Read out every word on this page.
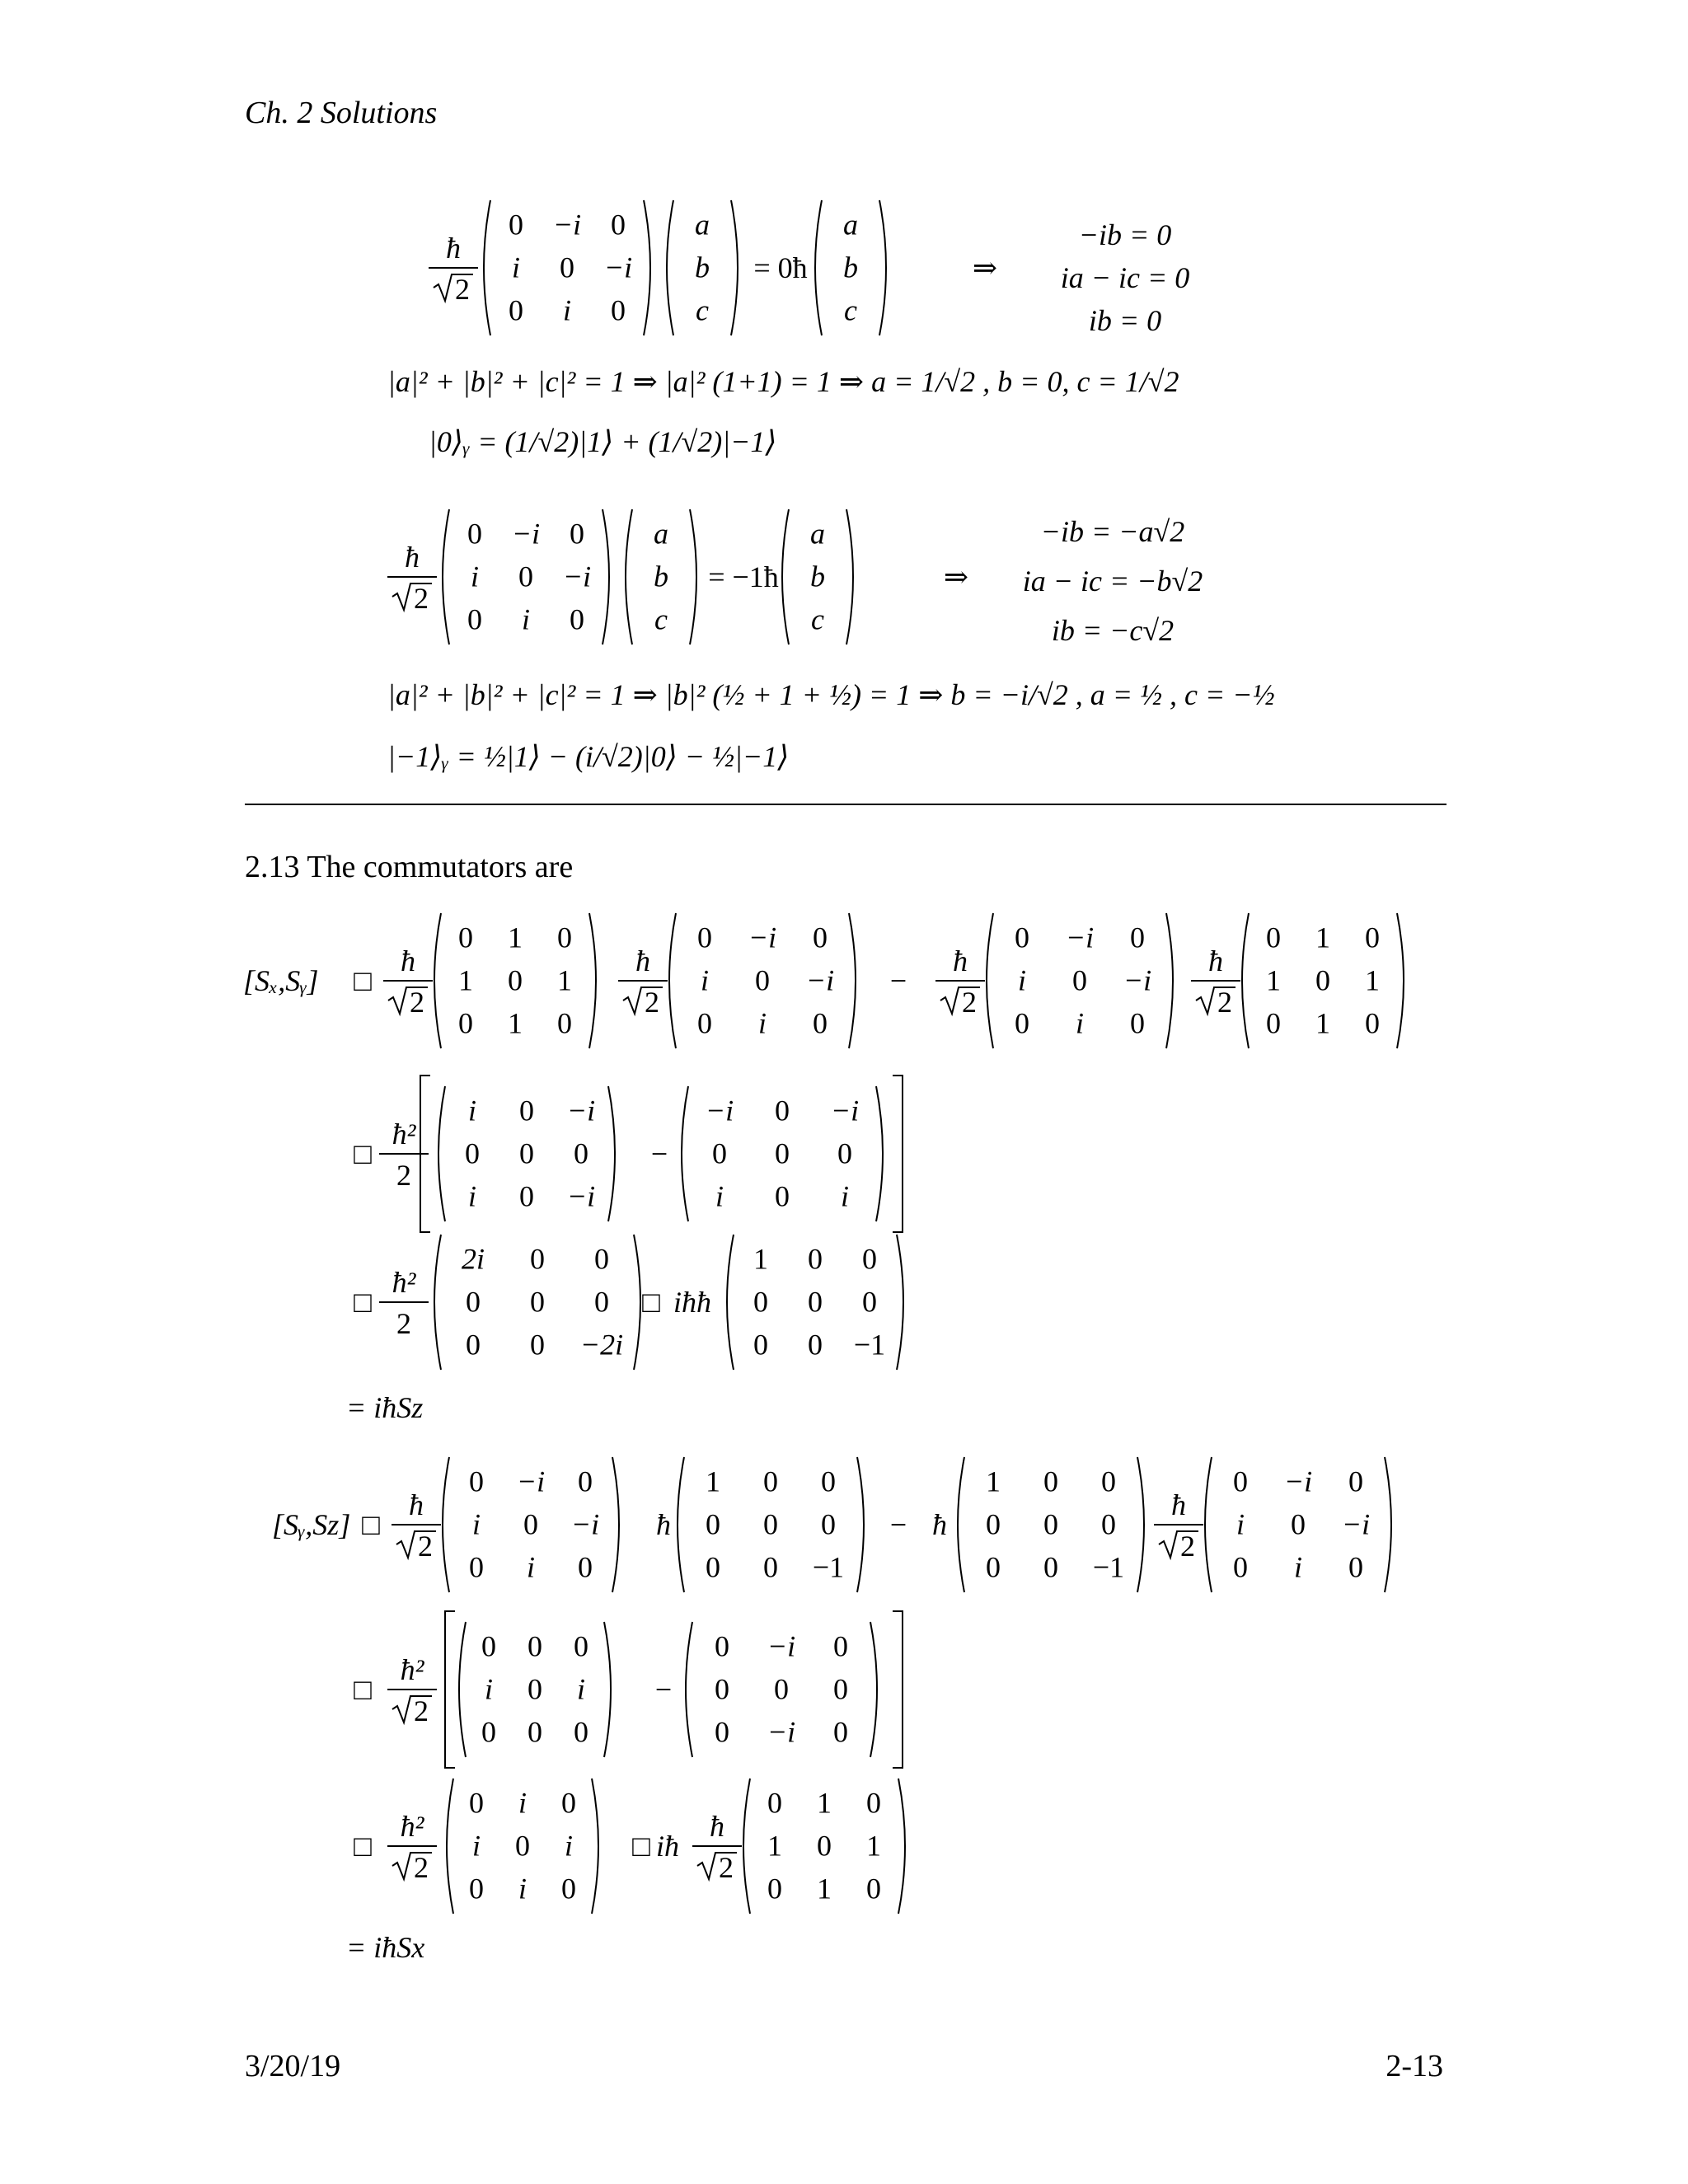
Ch. 2 Solutions
ħ
2
0 −i 0
i 0 −i
0 i 0
a
b
c
= 0ħ
a
b
c
⇒
−ib = 0
ia − ic = 0
ib = 0
|a|² + |b|² + |c|² = 1 ⇒ |a|² (1+1) = 1 ⇒ a = 1/√2 , b = 0, c = 1/√2
|0⟩ᵧ = (1/√2)|1⟩ + (1/√2)|−1⟩
ħ
2
0 −i 0
i 0 −i
0 i 0
a
b
c
= −1ħ
a
b
c
⇒
−ib = −a√2
ia − ic = −b√2
ib = −c√2
|a|² + |b|² + |c|² = 1 ⇒ |b|² (½ + 1 + ½) = 1 ⇒ b = −i/√2 , a = ½ , c = −½
|−1⟩ᵧ = ½|1⟩ − (i/√2)|0⟩ − ½|−1⟩
[Sₓ,Sᵧ] □
ħ
2
0 1 0
1 0 1
0 1 0
ħ
2
0 −i 0
i 0 −i
0 i 0
−
ħ
2
0 −i 0
i 0 −i
0 i 0
ħ
2
0 1 0
1 0 1
0 1 0
□
ħ²
2
i 0 −i
0 0 0
i 0 −i
−
−i 0 −i
0 0 0
i 0 i
□
ħ²
2
2i 0 0
0 0 0
0 0 −2i
□ iħħ
1 0 0
0 0 0
0 0 −1
= iħSz
[Sᵧ,Sz] □
ħ
2
0 −i 0
i 0 −i
0 i 0
ħ
1 0 0
0 0 0
0 0 −1
− ħ
1 0 0
0 0 0
0 0 −1
ħ
2
0 −i 0
i 0 −i
0 i 0
□
ħ²
2
0 0 0
i 0 i
0 0 0
−
0 −i 0
0 0 0
0 −i 0
□
ħ²
2
0 i 0
i 0 i
0 i 0
□ iħ
ħ
2
0 1 0
1 0 1
0 1 0
= iħSx
2.13 The commutators are
3/20/19	2-13
